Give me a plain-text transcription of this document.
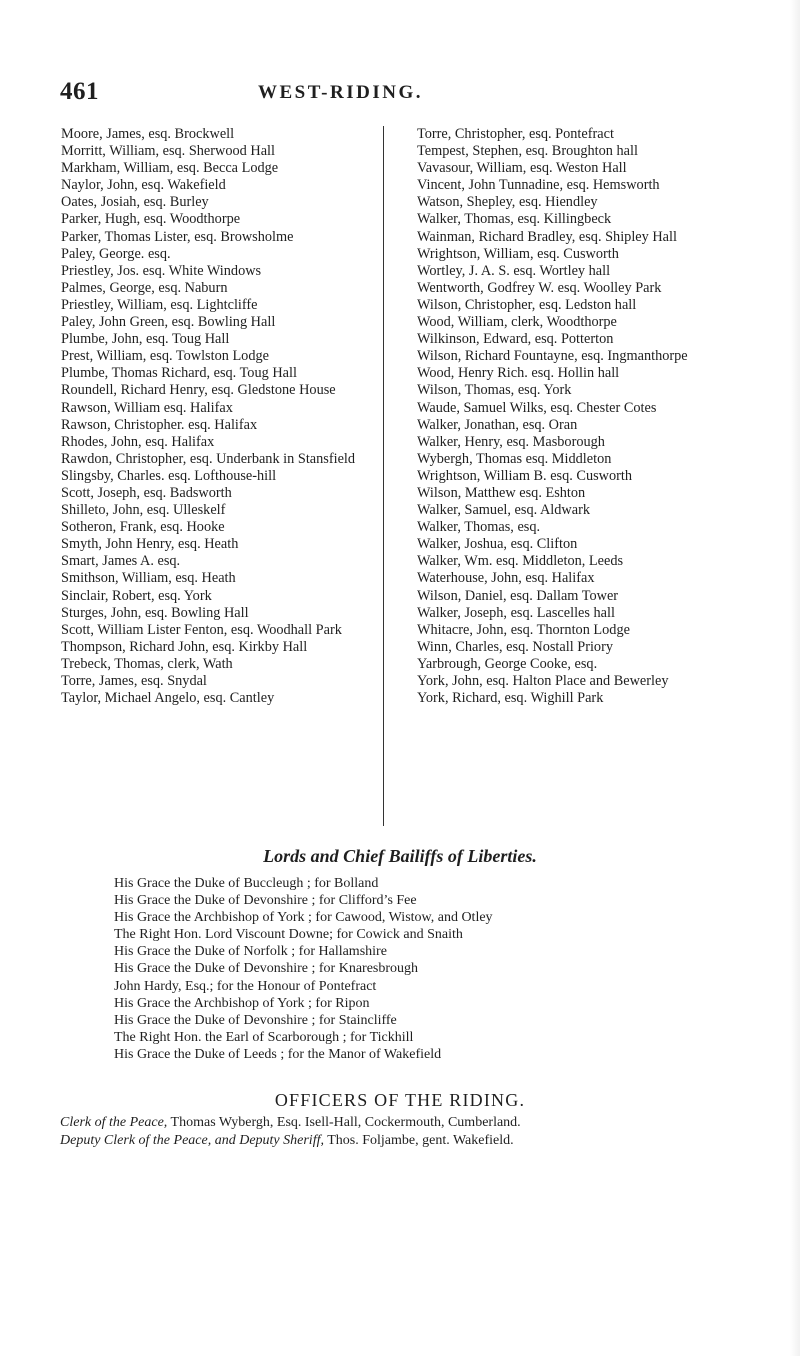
461	WEST-RIDING.

Moore, James, esq. Brockwell

Morritt, William, esq. Sherwood Hall

Markham, William, esq. Becca Lodge

Naylor, John, esq. Wakefield

Oates, Josiah, esq. Burley

Parker, Hugh, esq. Woodthorpe

Parker, Thomas Lister, esq. Browsholme

Paley, George. esq.

Priestley, Jos. esq. White Windows

Palmes, George, esq. Naburn

Priestley, William, esq. Lightcliffe

Paley, John Green, esq. Bowling Hall

Plumbe, John, esq. Toug Hall

Prest, William, esq. Towlston Lodge

Plumbe, Thomas Richard, esq. Toug Hall

Roundell, Richard Henry, esq. Gledstone House

Rawson, William esq. Halifax

Rawson, Christopher. esq. Halifax

Rhodes, John, esq. Halifax

Rawdon, Christopher, esq. Underbank in Stansfield

Slingsby, Charles. esq. Lofthouse-hill

Scott, Joseph, esq. Badsworth

Shilleto, John, esq. Ulleskelf

Sotheron, Frank, esq. Hooke

Smyth, John Henry, esq. Heath

Smart, James A. esq.

Smithson, William, esq. Heath

Sinclair, Robert, esq. York

Sturges, John, esq. Bowling Hall

Scott, William Lister Fenton, esq. Woodhall Park

Thompson, Richard John, esq. Kirkby Hall

Trebeck, Thomas, clerk, Wath

Torre, James, esq. Snydal

Taylor, Michael Angelo, esq. Cantley

Torre, Christopher, esq. Pontefract

Tempest, Stephen, esq. Broughton hall

Vavasour, William, esq. Weston Hall

Vincent, John Tunnadine, esq. Hemsworth

Watson, Shepley, esq. Hiendley

Walker, Thomas, esq. Killingbeck

Wainman, Richard Bradley, esq. Shipley Hall

Wrightson, William, esq. Cusworth

Wortley, J. A. S. esq. Wortley hall

Wentworth, Godfrey W. esq. Woolley Park

Wilson, Christopher, esq. Ledston hall

Wood, William, clerk, Woodthorpe

Wilkinson, Edward, esq. Potterton

Wilson, Richard Fountayne, esq. Ingmanthorpe

Wood, Henry Rich. esq. Hollin hall

Wilson, Thomas, esq. York

Waude, Samuel Wilks, esq. Chester Cotes

Walker, Jonathan, esq. Oran

Walker, Henry, esq. Masborough

Wybergh, Thomas esq. Middleton

Wrightson, William B. esq. Cusworth

Wilson, Matthew esq. Eshton

Walker, Samuel, esq. Aldwark

Walker, Thomas, esq.

Walker, Joshua, esq. Clifton

Walker, Wm. esq. Middleton, Leeds

Waterhouse, John, esq. Halifax

Wilson, Daniel, esq. Dallam Tower

Walker, Joseph, esq. Lascelles hall

Whitacre, John, esq. Thornton Lodge

Winn, Charles, esq. Nostall Priory

Yarbrough, George Cooke, esq.

York, John, esq. Halton Place and Bewerley

York, Richard, esq. Wighill Park

Lords and Chief Bailiffs of Liberties.

His Grace the Duke of Buccleugh ; for Bolland

His Grace the Duke of Devonshire ; for Clifford’s Fee

His Grace the Archbishop of York ; for Cawood, Wistow, and Otley

The Right Hon. Lord Viscount Downe; for Cowick and Snaith

His Grace the Duke of Norfolk ; for Hallamshire

His Grace the Duke of Devonshire ; for Knaresbrough

John Hardy, Esq.; for the Honour of Pontefract

His Grace the Archbishop of York ; for Ripon

His Grace the Duke of Devonshire ; for Staincliffe

The Right Hon. the Earl of Scarborough ; for Tickhill

His Grace the Duke of Leeds ; for the Manor of Wakefield

OFFICERS OF THE RIDING.

Clerk of the Peace, Thomas Wybergh, Esq. Isell-Hall, Cockermouth, Cumberland.

Deputy Clerk of the Peace, and Deputy Sheriff, Thos. Foljambe, gent. Wakefield.
